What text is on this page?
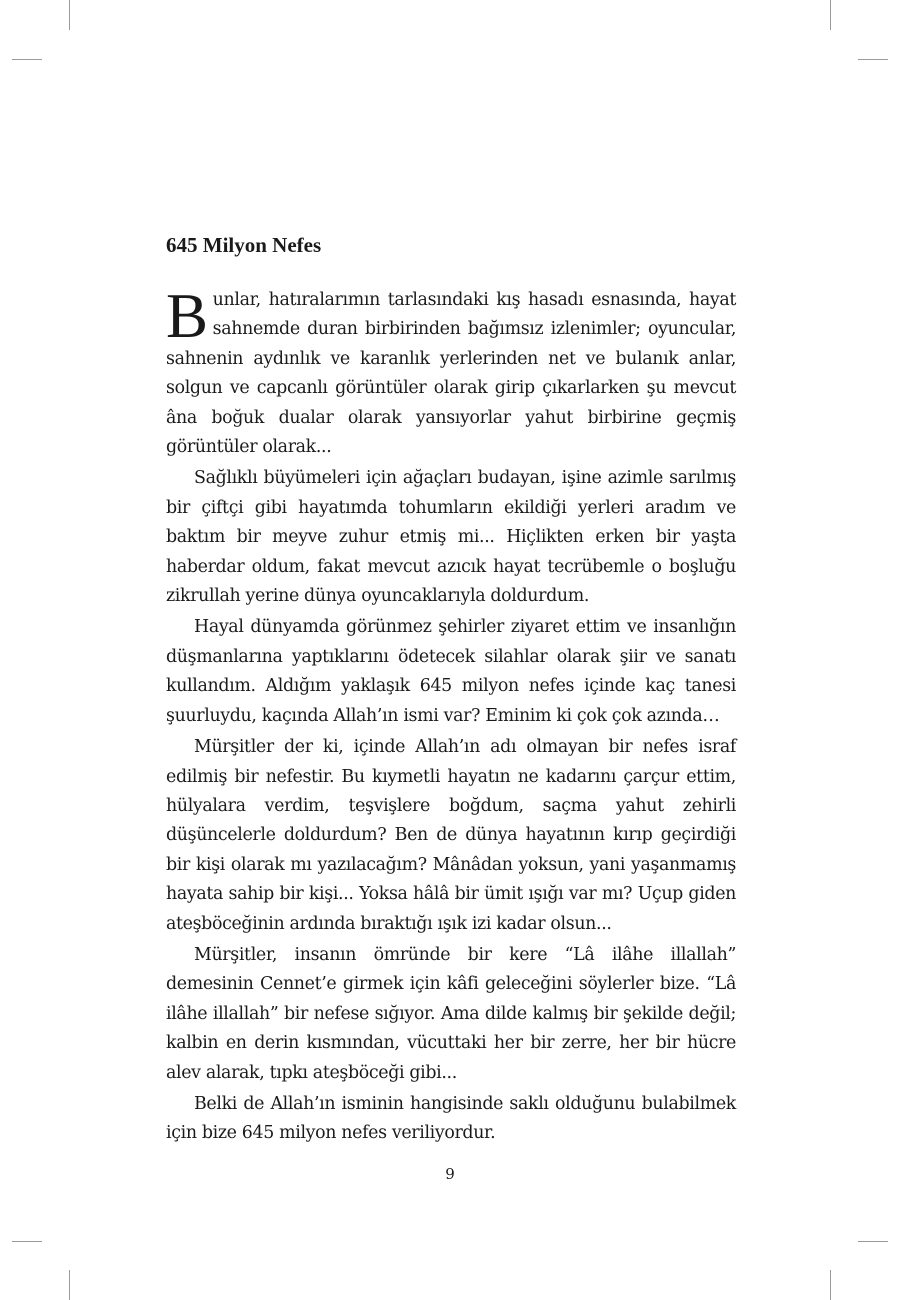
645 Milyon Nefes

Bunlar, hatıralarımın tarlasındaki kış hasadı esnasında, hayat sahnemde duran birbirinden bağımsız izlenimler; oyuncular, sahnenin aydınlık ve karanlık yerlerinden net ve bulanık anlar, solgun ve capcanlı görüntüler olarak girip çıkarlarken şu mevcut âna boğuk dualar olarak yansıyorlar yahut birbirine geçmiş görüntüler olarak...

Sağlıklı büyümeleri için ağaçları budayan, işine azimle sarılmış bir çiftçi gibi hayatımda tohumların ekildiği yerleri aradım ve baktım bir meyve zuhur etmiş mi... Hiçlikten erken bir yaşta haberdar oldum, fakat mevcut azıcık hayat tecrübemle o boşluğu zikrullah yerine dünya oyuncaklarıyla doldurdum.

Hayal dünyamda görünmez şehirler ziyaret ettim ve insanlığın düşmanlarına yaptıklarını ödetecek silahlar olarak şiir ve sanatı kullandım. Aldığım yaklaşık 645 milyon nefes içinde kaç tanesi şuurluydu, kaçında Allah’ın ismi var? Eminim ki çok çok azında…

Mürşitler der ki, içinde Allah’ın adı olmayan bir nefes israf edilmiş bir nefestir. Bu kıymetli hayatın ne kadarını çarçur ettim, hülyalara verdim, teşvişlere boğdum, saçma yahut zehirli düşüncelerle doldurdum? Ben de dünya hayatının kırıp geçirdiği bir kişi olarak mı yazılacağım? Mânâdan yoksun, yani yaşanmamış hayata sahip bir kişi... Yoksa hâlâ bir ümit ışığı var mı? Uçup giden ateşböceğinin ardında bıraktığı ışık izi kadar olsun...

Mürşitler, insanın ömründe bir kere “Lâ ilâhe illallah” demesinin Cennet’e girmek için kâfi geleceğini söylerler bize. “Lâ ilâhe illallah” bir nefese sığıyor. Ama dilde kalmış bir şekilde değil; kalbin en derin kısmından, vücuttaki her bir zerre, her bir hücre alev alarak, tıpkı ateşböceği gibi...

Belki de Allah’ın isminin hangisinde saklı olduğunu bulabilmek için bize 645 milyon nefes veriliyordur.

9
